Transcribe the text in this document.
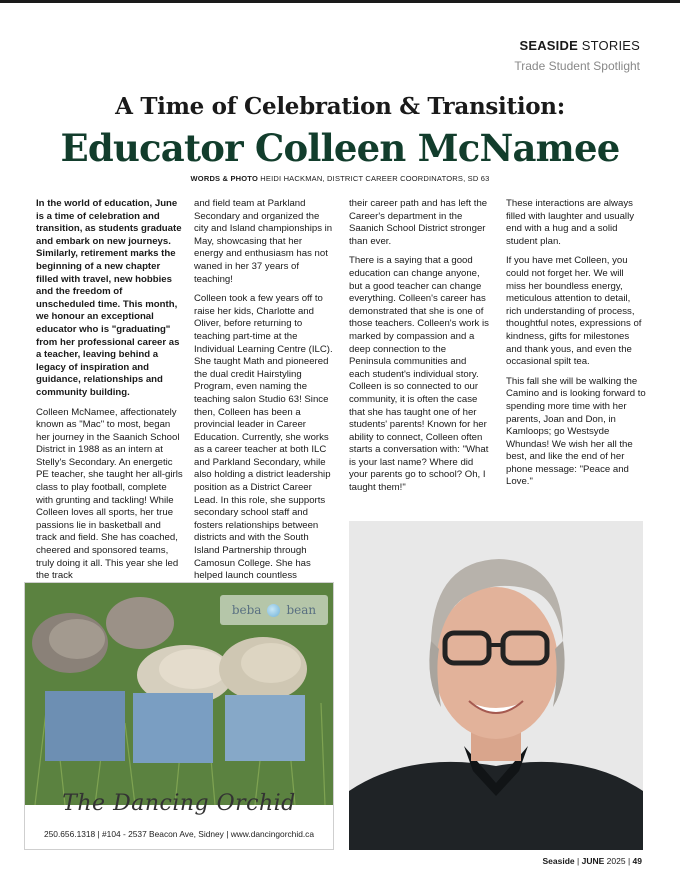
SEASIDE STORIES
Trade Student Spotlight
A Time of Celebration & Transition:
Educator Colleen McNamee
WORDS & PHOTO HEIDI HACKMAN, DISTRICT CAREER COORDINATORS, SD 63

In the world of education, June is a time of celebration and transition, as students graduate and embark on new journeys. Similarly, retirement marks the beginning of a new chapter filled with travel, new hobbies and the freedom of unscheduled time. This month, we honour an exceptional educator who is "graduating" from her professional career as a teacher, leaving behind a legacy of inspiration and guidance, relationships and community building.

Colleen McNamee, affectionately known as "Mac" to most, began her journey in the Saanich School District in 1988 as an intern at Stelly's Secondary. An energetic PE teacher, she taught her all-girls class to play football, complete with grunting and tackling! While Colleen loves all sports, her true passions lie in basketball and track and field. She has coached, cheered and sponsored teams, truly doing it all. This year she led the track

and field team at Parkland Secondary and organized the city and Island championships in May, showcasing that her energy and enthusiasm has not waned in her 37 years of teaching!

Colleen took a few years off to raise her kids, Charlotte and Oliver, before returning to teaching part-time at the Individual Learning Centre (ILC). She taught Math and pioneered the dual credit Hairstyling Program, even naming the teaching salon Studio 63! Since then, Colleen has been a provincial leader in Career Education. Currently, she works as a career teacher at both ILC and Parkland Secondary, while also holding a district leadership position as a District Career Lead. In this role, she supports secondary school staff and fosters relationships between districts and with the South Island Partnership through Camosun College. She has helped launch countless

their career path and has left the Career's department in the Saanich School District stronger than ever.

There is a saying that a good education can change anyone, but a good teacher can change everything. Colleen's career has demonstrated that she is one of those teachers. Colleen's work is marked by compassion and a deep connection to the Peninsula communities and each student's individual story. Colleen is so connected to our community, it is often the case that she has taught one of her students' parents! Known for her ability to connect, Colleen often starts a conversation with: "What is your last name? Where did your parents go to school? Oh, I taught them!"

These interactions are always filled with laughter and usually end with a hug and a solid student plan.

If you have met Colleen, you could not forget her. We will miss her boundless energy, meticulous attention to detail, rich understanding of process, thoughtful notes, expressions of kindness, gifts for milestones and thank yous, and even the occasional spilt tea.

This fall she will be walking the Camino and is looking forward to spending more time with her parents, Joan and Don, in Kamloops; go Westsyde Whundas! We wish her all the best, and like the end of her phone message: "Peace and Love."

beba bean
The Dancing Orchid
250.656.1318 | #104 - 2537 Beacon Ave, Sidney | www.dancingorchid.ca
Seaside | JUNE 2025 | 49
